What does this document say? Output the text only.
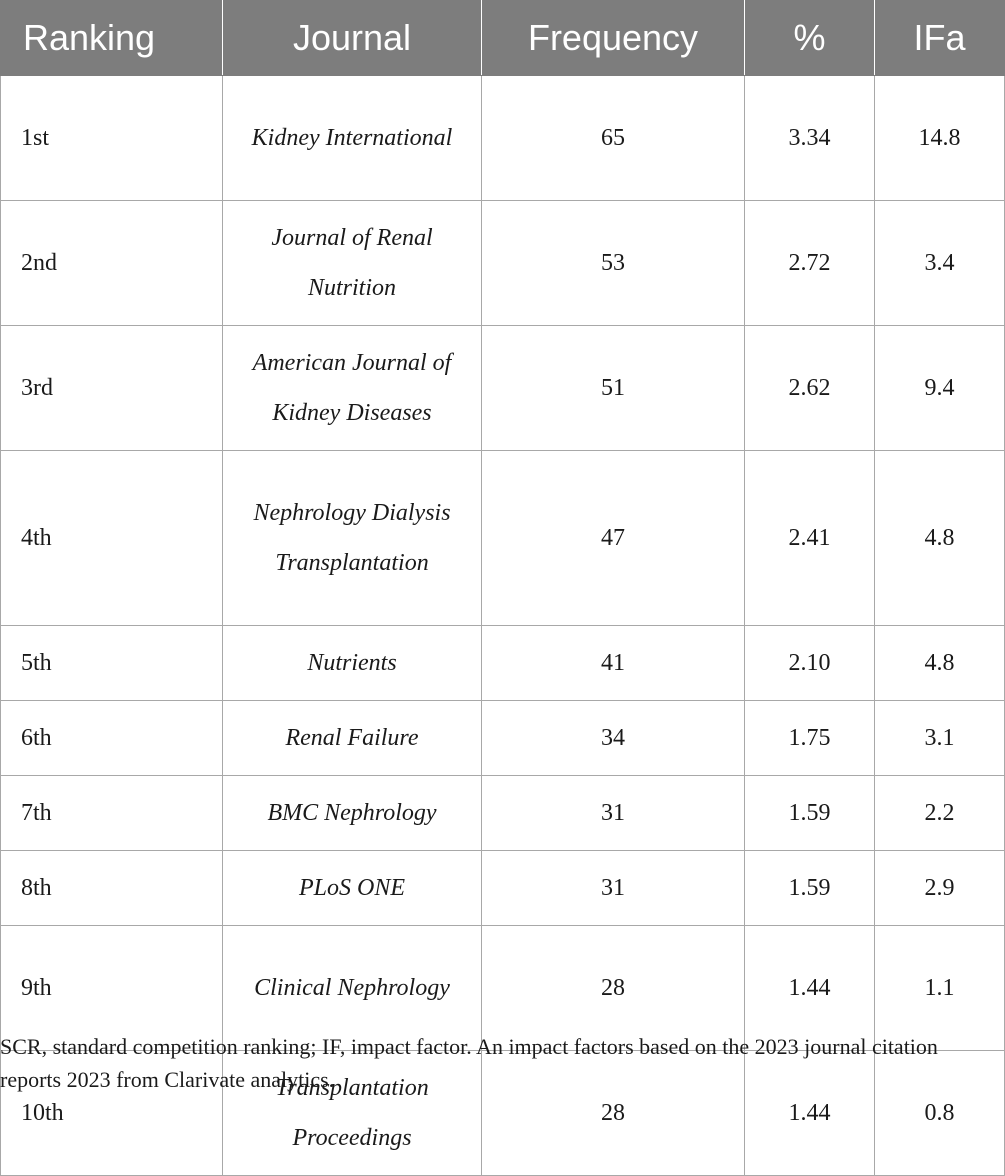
Ranking	Journal	Frequency	%	IFa
1st	Kidney International	65	3.34	14.8
2nd	Journal of Renal Nutrition	53	2.72	3.4
3rd	American Journal of Kidney Diseases	51	2.62	9.4
4th	Nephrology Dialysis Transplantation	47	2.41	4.8
5th	Nutrients	41	2.10	4.8
6th	Renal Failure	34	1.75	3.1
7th	BMC Nephrology	31	1.59	2.2
8th	PLoS ONE	31	1.59	2.9
9th	Clinical Nephrology	28	1.44	1.1
10th	Transplantation Proceedings	28	1.44	0.8
SCR, standard competition ranking; IF, impact factor. An impact factors based on the 2023 journal citation reports 2023 from Clarivate analytics.
